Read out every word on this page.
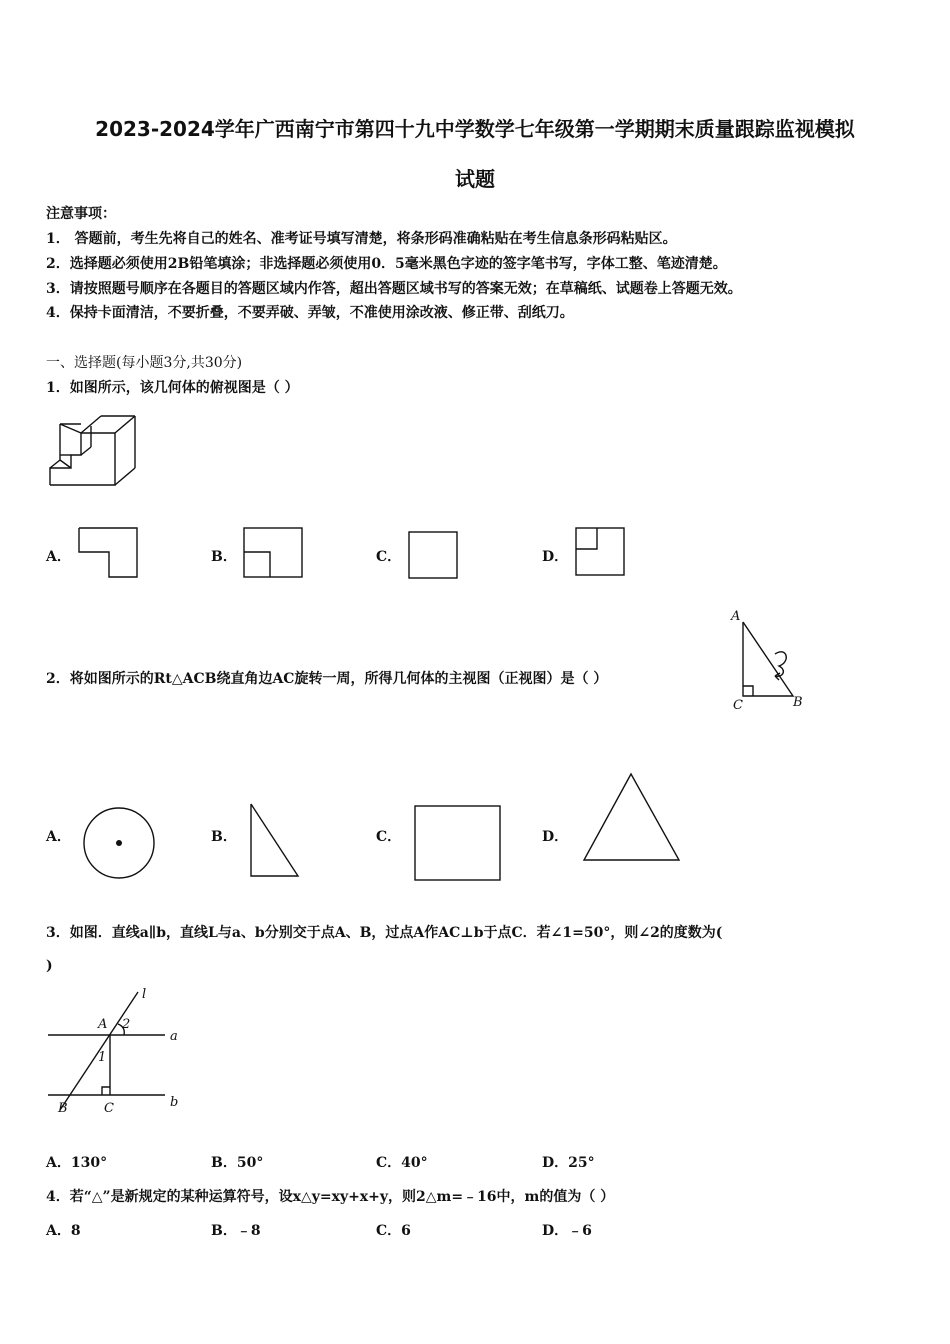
2023-2024学年广西南宁市第四十九中学数学七年级第一学期期末质量跟踪监视模拟
试题
注意事项：
1． 答题前，考生先将自己的姓名、准考证号填写清楚，将条形码准确粘贴在考生信息条形码粘贴区。
2．选择题必须使用2B铅笔填涂；非选择题必须使用0．5毫米黑色字迹的签字笔书写，字体工整、笔迹清楚。
3．请按照题号顺序在各题目的答题区域内作答，超出答题区域书写的答案无效；在草稿纸、试题卷上答题无效。
4．保持卡面清洁，不要折叠，不要弄破、弄皱，不准使用涂改液、修正带、刮纸刀。
一、选择题(每小题3分,共30分)
1．如图所示，该几何体的俯视图是（ ）
A．	B．	C．	D．
2．将如图所示的Rt△ACB绕直角边AC旋转一周，所得几何体的主视图（正视图）是（ ）
A
C	B
A．	B．	C．	D．
3．如图．直线a∥b，直线L与a、b分别交于点A、B，过点A作AC⊥b于点C．若∠1=50°，则∠2的度数为(
)
l
A 2
a
1
B	C	b
A．130°	B．50°	C．40°	D．25°
4．若“△”是新规定的某种运算符号，设x△y=xy+x+y，则2△m=﹣16中，m的值为（ ）
A．8	B．﹣8	C．6	D．﹣6
